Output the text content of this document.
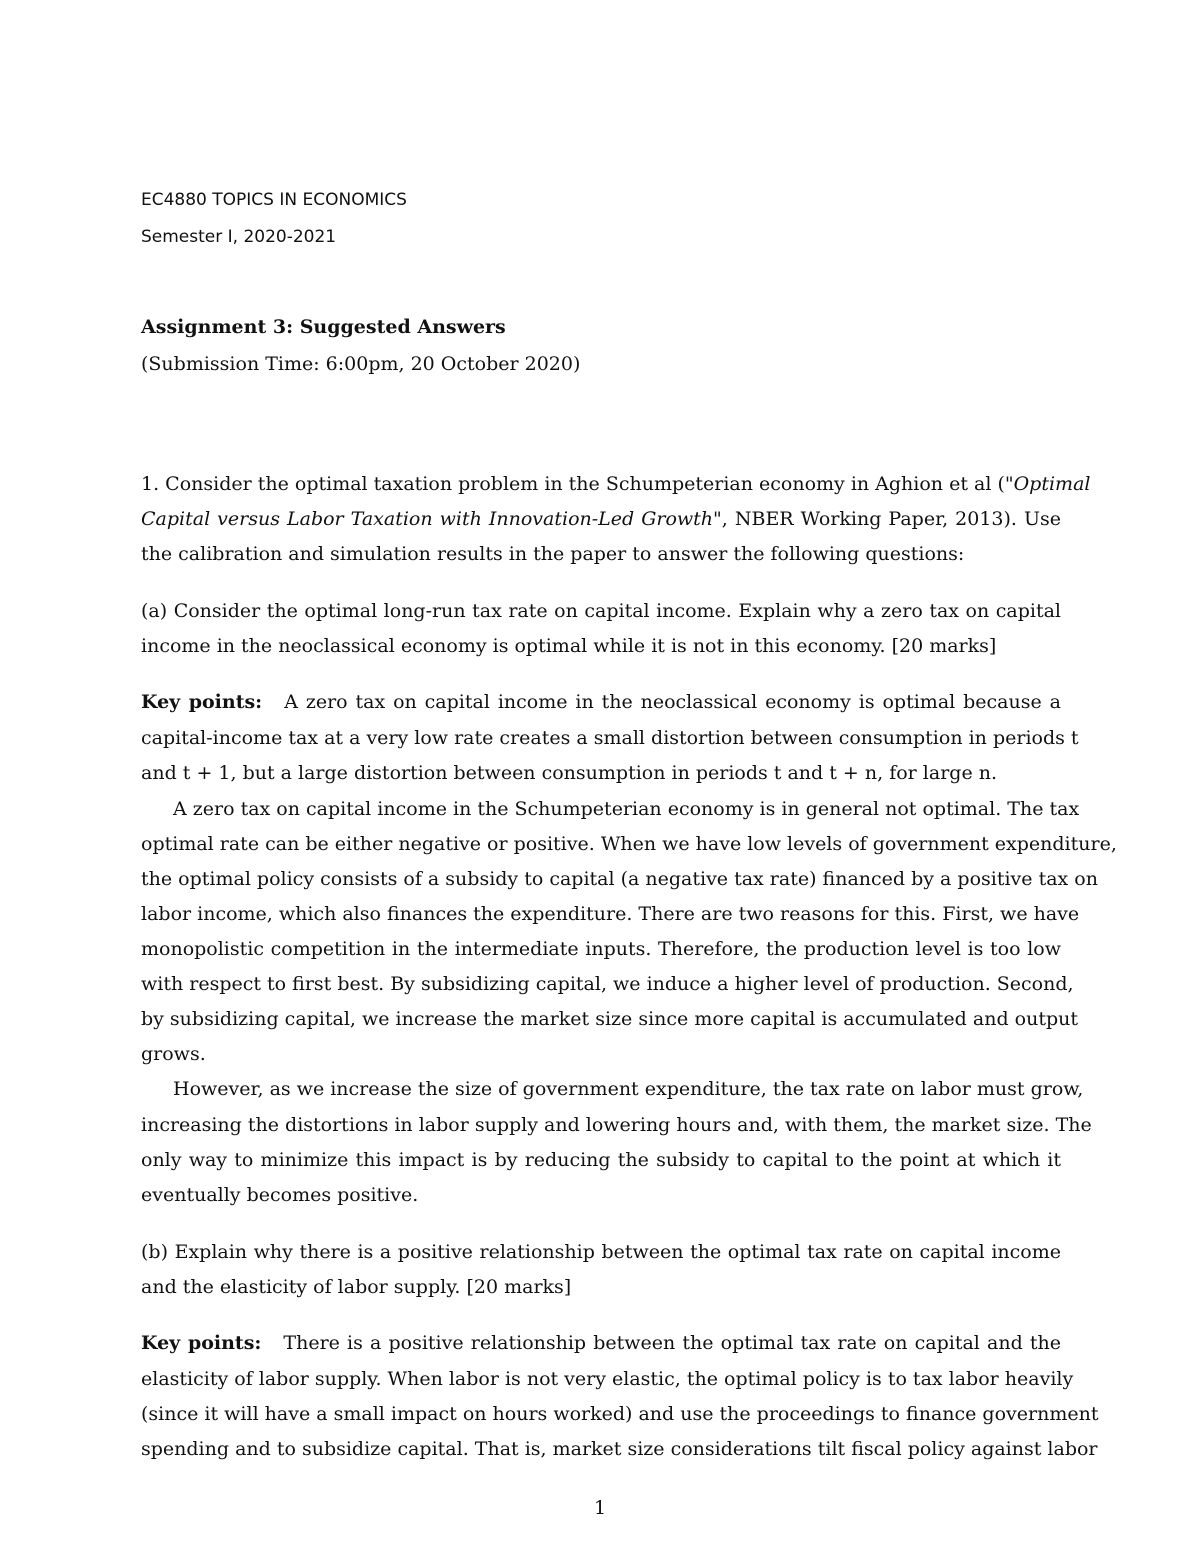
EC4880 TOPICS IN ECONOMICS
Semester I, 2020-2021
Assignment 3: Suggested Answers
(Submission Time: 6:00pm, 20 October 2020)
1. Consider the optimal taxation problem in the Schumpeterian economy in Aghion et al ("Optimal
Capital versus Labor Taxation with Innovation-Led Growth", NBER Working Paper, 2013). Use
the calibration and simulation results in the paper to answer the following questions:
(a) Consider the optimal long-run tax rate on capital income. Explain why a zero tax on capital
income in the neoclassical economy is optimal while it is not in this economy. [20 marks]
Key points: A zero tax on capital income in the neoclassical economy is optimal because a
capital-income tax at a very low rate creates a small distortion between consumption in periods t
and t + 1, but a large distortion between consumption in periods t and t + n, for large n.
A zero tax on capital income in the Schumpeterian economy is in general not optimal. The tax
optimal rate can be either negative or positive. When we have low levels of government expenditure,
the optimal policy consists of a subsidy to capital (a negative tax rate) financed by a positive tax on
labor income, which also finances the expenditure. There are two reasons for this. First, we have
monopolistic competition in the intermediate inputs. Therefore, the production level is too low
with respect to first best. By subsidizing capital, we induce a higher level of production. Second,
by subsidizing capital, we increase the market size since more capital is accumulated and output
grows.
However, as we increase the size of government expenditure, the tax rate on labor must grow,
increasing the distortions in labor supply and lowering hours and, with them, the market size. The
only way to minimize this impact is by reducing the subsidy to capital to the point at which it
eventually becomes positive.
(b) Explain why there is a positive relationship between the optimal tax rate on capital income
and the elasticity of labor supply. [20 marks]
Key points: There is a positive relationship between the optimal tax rate on capital and the
elasticity of labor supply. When labor is not very elastic, the optimal policy is to tax labor heavily
(since it will have a small impact on hours worked) and use the proceedings to finance government
spending and to subsidize capital. That is, market size considerations tilt fiscal policy against labor
1
